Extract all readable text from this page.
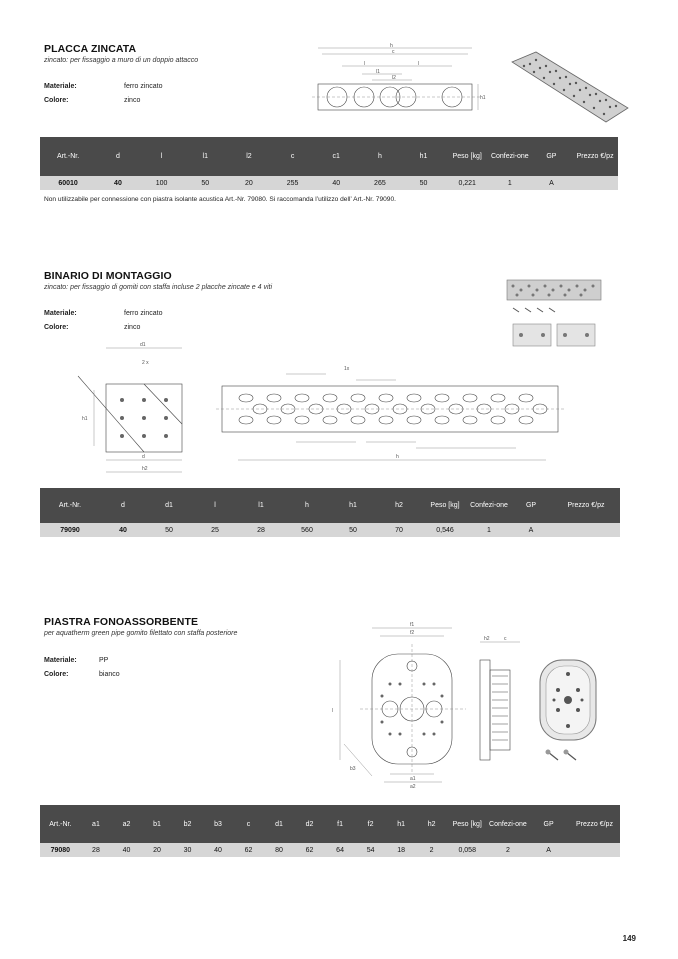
PLACCA ZINCATA
zincato: per fissaggio a muro di un doppio attacco
Materiale:	ferro zincato
Colore:	zinco
h
c
l	l
l1
l2
h1
Art.-Nr.	d	l	l1	l2	c	c1	h	h1	Peso [kg]	Confezi-one	GP	Prezzo €/pz
60010	40	100	50	20	255	40	265	50	0,221	1	A	
Non utilizzabile per connessione con piastra isolante acustica Art.-Nr. 79080. Si raccomanda l’utilizzo dell’ Art.-Nr. 79090.
BINARIO DI MONTAGGIO
zincato: per fissaggio di gomiti con staffa incluse 2 placche zincate e 4 viti
Materiale:	ferro zincato
Colore:	zinco
d1
2 x
d
h2
h1
1x
h
Art.-Nr.	d	d1	l	l1	h	h1	h2	Peso [kg]	Confezi-one	GP	Prezzo €/pz
79090	40	50	25	28	560	50	70	0,546	1	A	
PIASTRA FONOASSORBENTE
per aquatherm green pipe gomito filettato con staffa posteriore
Materiale:	PP
Colore:	bianco
f1
f2
l
b3
a1
a2
h2	c
Art.-Nr.	a1	a2	b1	b2	b3	c	d1	d2	f1	f2	h1	h2	Peso [kg]	Confezi-one	GP	Prezzo €/pz
79080	28	40	20	30	40	62	80	62	64	54	18	2	0,058	2	A	
149
